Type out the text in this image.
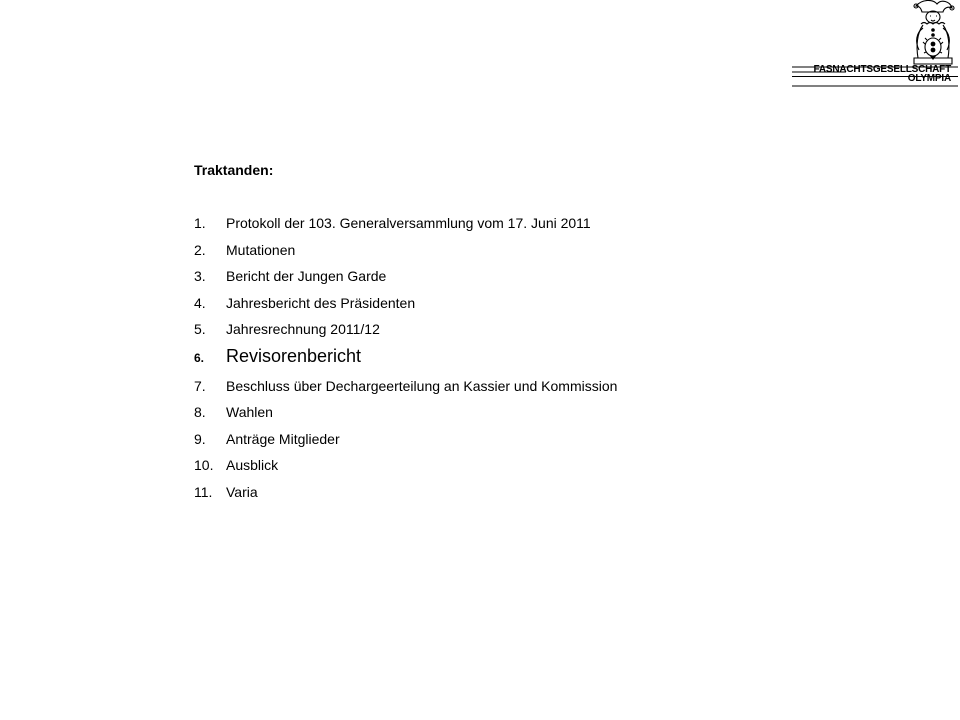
FASNACHTSGESELLSCHAFT
OLYMPIA
Traktanden:
1.	Protokoll der 103. Generalversammlung vom 17. Juni 2011
2.	Mutationen
3.	Bericht der Jungen Garde
4.	Jahresbericht des Präsidenten
5.	Jahresrechnung 2011/12
6.	Revisorenbericht
7.	Beschluss über Dechargeerteilung an Kassier und Kommission
8.	Wahlen
9.	Anträge Mitglieder
10. Ausblick
11. Varia
